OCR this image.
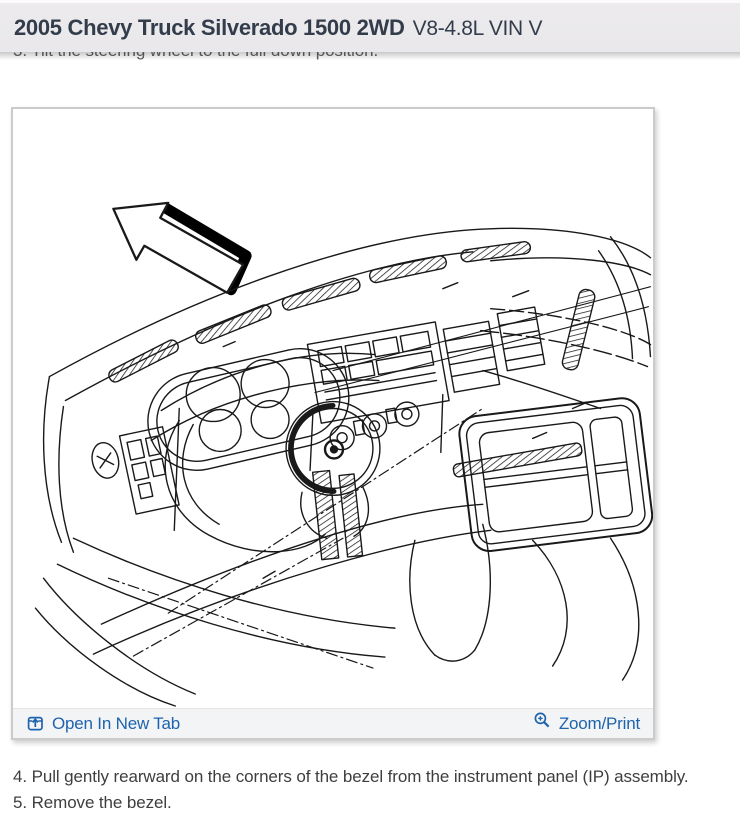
2005 Chevy Truck Silverado 1500 2WD V8-4.8L VIN V
Open In New Tab	Zoom/Print

4. Pull gently rearward on the corners of the bezel from the instrument panel (IP) assembly.

5. Remove the bezel.
